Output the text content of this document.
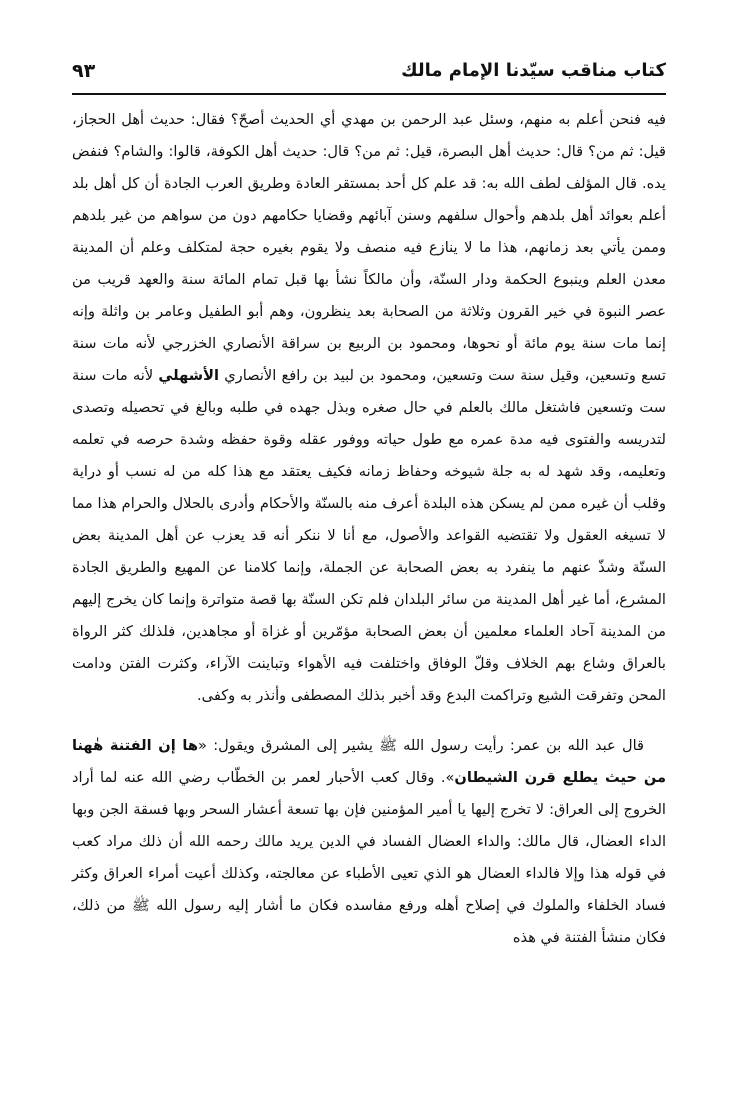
كتاب مناقب سيّدنا الإمام مالك
٩٣

فيه فنحن أعلم به منهم، وسئل عبد الرحمن بن مهدي أي الحديث أصحّ؟ فقال: حديث أهل الحجاز، قيل: ثم من؟ قال: حديث أهل البصرة، قيل: ثم من؟ قال: حديث أهل الكوفة، قالوا: والشام؟ فنفض يده. قال المؤلف لطف الله به: قد علم كل أحد بمستقر العادة وطريق العرب الجادة أن كل أهل بلد أعلم بعوائد أهل بلدهم وأحوال سلفهم وسنن آبائهم وقضايا حكامهم دون من سواهم من غير بلدهم وممن يأتي بعد زمانهم، هذا ما لا ينازع فيه منصف ولا يقوم بغيره حجة لمتكلف وعلم أن المدينة معدن العلم وينبوع الحكمة ودار السنّة، وأن مالكاً نشأ بها قبل تمام المائة سنة والعهد قريب من عصر النبوة في خير القرون وثلاثة من الصحابة بعد ينظرون، وهم أبو الطفيل وعامر بن واثلة وإنه إنما مات سنة يوم مائة أو نحوها، ومحمود بن الربيع بن سراقة الأنصاري الخزرجي لأنه مات سنة تسع وتسعين، وقيل سنة ست وتسعين، ومحمود بن لبيد بن رافع الأنصاري الأشهلي لأنه مات سنة ست وتسعين فاشتغل مالك بالعلم في حال صغره وبذل جهده في طلبه وبالغ في تحصيله وتصدى لتدريسه والفتوى فيه مدة عمره مع طول حياته ووفور عقله وقوة حفظه وشدة حرصه في تعلمه وتعليمه، وقد شهد له به جلة شيوخه وحفاظ زمانه فكيف يعتقد مع هذا كله من له نسب أو دراية وقلب أن غيره ممن لم يسكن هذه البلدة أعرف منه بالسنّة والأحكام وأدرى بالحلال والحرام هذا مما لا تسيغه العقول ولا تقتضيه القواعد والأصول، مع أنا لا ننكر أنه قد يعزب عن أهل المدينة بعض السنّة وشذّ عنهم ما ينفرد به بعض الصحابة عن الجملة، وإنما كلامنا عن المهيع والطريق الجادة المشرع، أما غير أهل المدينة من سائر البلدان فلم تكن السنّة بها قصة متواترة وإنما كان يخرج إليهم من المدينة آحاد العلماء معلمين أن بعض الصحابة مؤمّرين أو غزاة أو مجاهدين، فلذلك كثر الرواة بالعراق وشاع بهم الخلاف وقلّ الوفاق واختلفت فيه الأهواء وتباينت الآراء، وكثرت الفتن ودامت المحن وتفرقت الشيع وتراكمت البدع وقد أخبر بذلك المصطفى وأنذر به وكفى.

قال عبد الله بن عمر: رأيت رسول الله ﷺ يشير إلى المشرق ويقول: «ها إن الفتنة هٰهنا من حيث يطلع قرن الشيطان». وقال كعب الأحبار لعمر بن الخطّاب رضي الله عنه لما أراد الخروج إلى العراق: لا تخرج إليها يا أمير المؤمنين فإن بها تسعة أعشار السحر وبها فسقة الجن وبها الداء العضال، قال مالك: والداء العضال الفساد في الدين يريد مالك رحمه الله أن ذلك مراد كعب في قوله هذا وإلا فالداء العضال هو الذي تعيى الأطباء عن معالجته، وكذلك أعيت أمراء العراق وكثر فساد الخلفاء والملوك في إصلاح أهله ورفع مفاسده فكان ما أشار إليه رسول الله ﷺ من ذلك، فكان منشأ الفتنة في هذه
